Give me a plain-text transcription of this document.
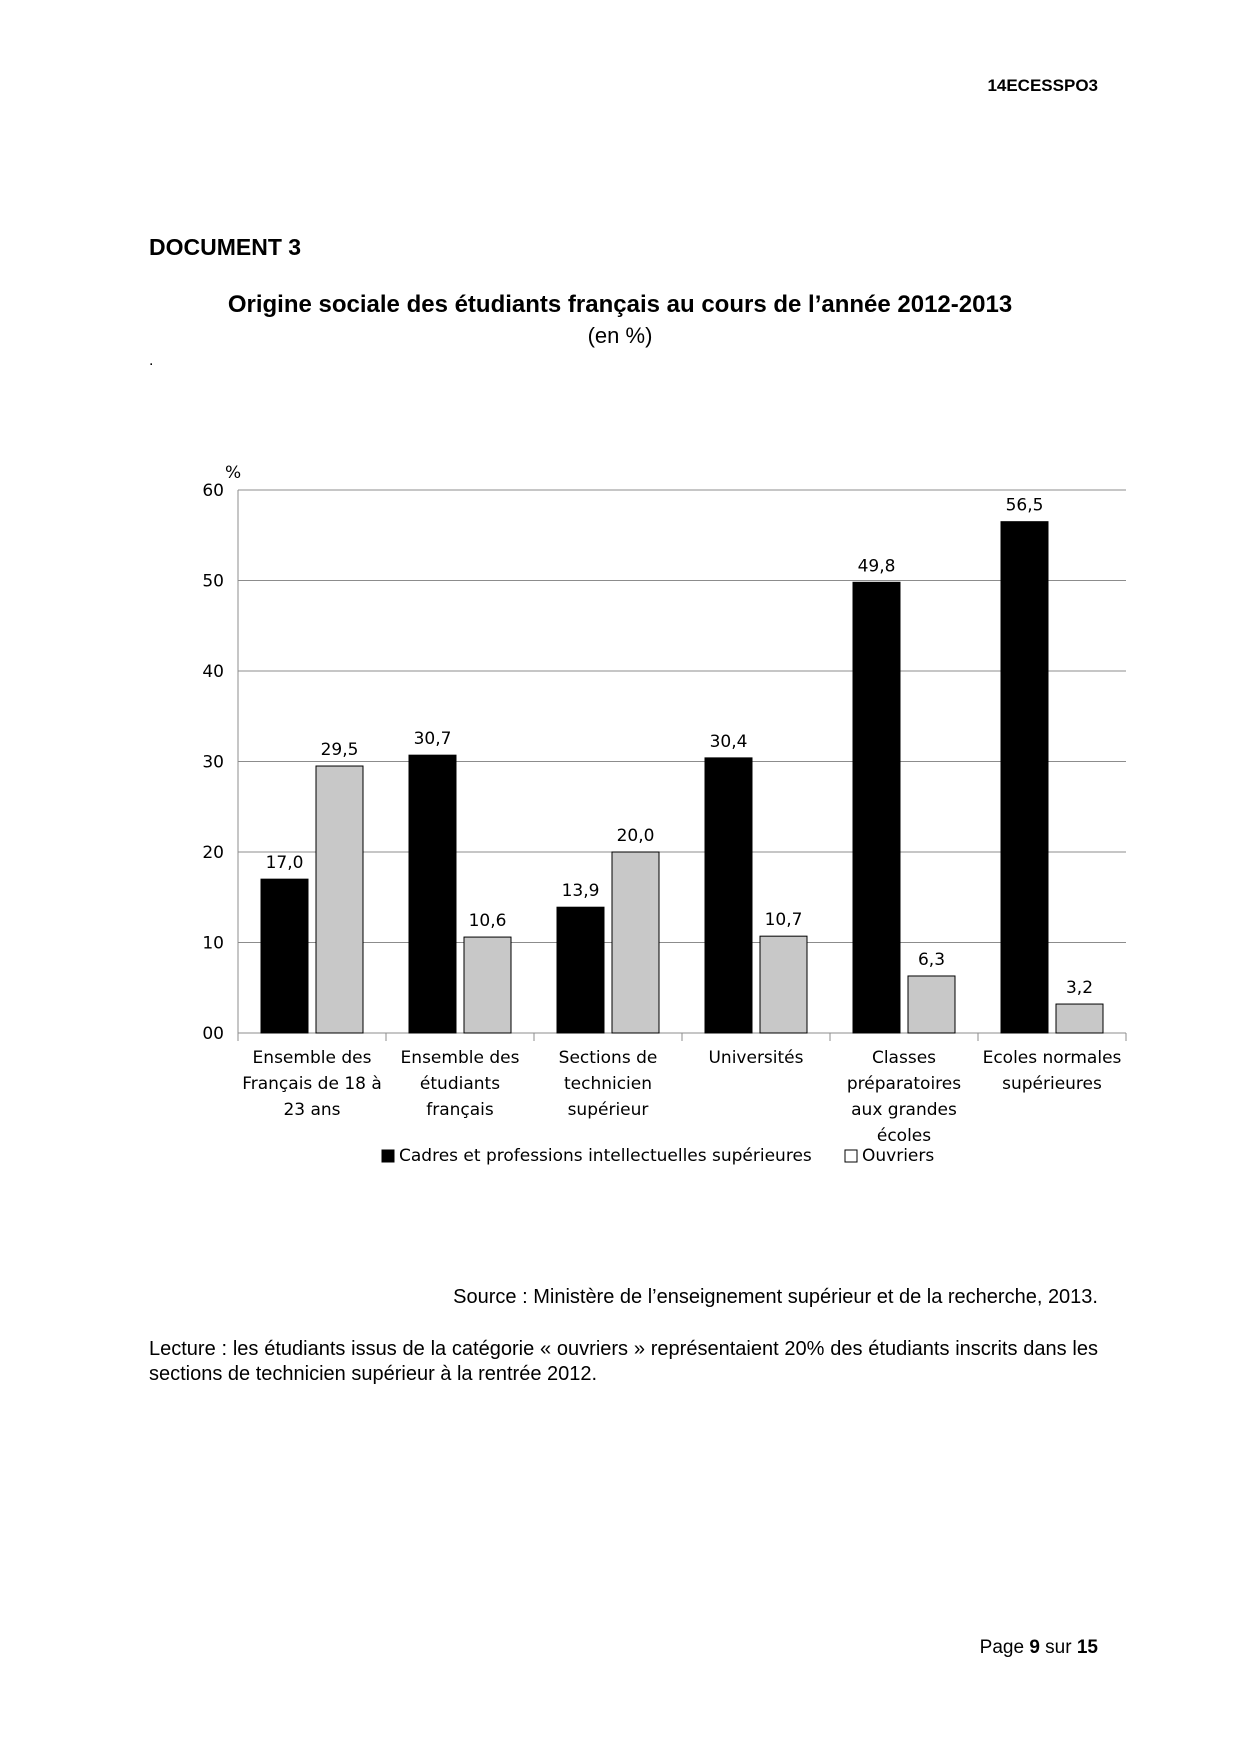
14ECESSPO3
DOCUMENT 3
Origine sociale des étudiants français au cours de l’année 2012-2013
(en %)
.
00
10
20
30
40
50
60
%
17,0
29,5
Ensemble des
Français de 18 à
23 ans
30,7
10,6
Ensemble des
étudiants
français
13,9
20,0
Sections de
technicien
supérieur
30,4
10,7
Universités
49,8
6,3
Classes
préparatoires
aux grandes
écoles
56,5
3,2
Ecoles normales
supérieures
Cadres et professions intellectuelles supérieures	Ouvriers
Source : Ministère de l’enseignement supérieur et de la recherche, 2013.
Lecture : les étudiants issus de la catégorie « ouvriers » représentaient 20% des étudiants inscrits dans les sections de technicien supérieur à la rentrée 2012.
Page 9 sur 15
